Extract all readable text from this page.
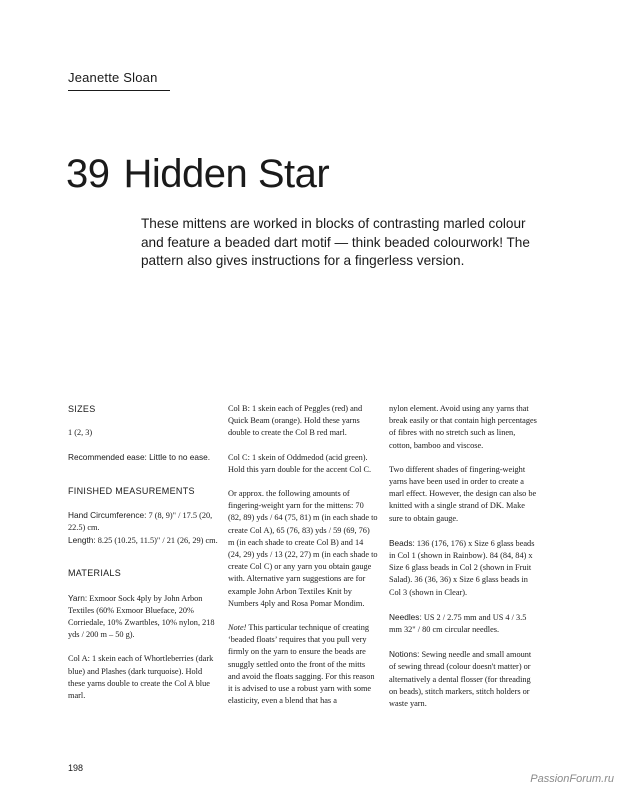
Jeanette Sloan
39 Hidden Star

These mittens are worked in blocks of contrasting marled colour and feature a beaded dart motif — think beaded colourwork! The pattern also gives instructions for a fingerless version.

SIZES

1 (2, 3)

Recommended ease: Little to no ease.

FINISHED MEASUREMENTS

Hand Circumference: 7 (8, 9)" / 17.5 (20, 22.5) cm.

Length: 8.25 (10.25, 11.5)" / 21 (26, 29) cm.

MATERIALS

Yarn: Exmoor Sock 4ply by John Arbon Textiles (60% Exmoor Blueface, 20% Corriedale, 10% Zwartbles, 10% nylon, 218 yds / 200 m – 50 g).

Col A: 1 skein each of Whortleberries (dark blue) and Plashes (dark turquoise). Hold these yarns double to create the Col A blue marl.

Col B: 1 skein each of Peggles (red) and Quick Beam (orange). Hold these yarns double to create the Col B red marl.

Col C: 1 skein of Oddmedod (acid green). Hold this yarn double for the accent Col C.

Or approx. the following amounts of fingering-weight yarn for the mittens: 70 (82, 89) yds / 64 (75, 81) m (in each shade to create Col A), 65 (76, 83) yds / 59 (69, 76) m (in each shade to create Col B) and 14 (24, 29) yds / 13 (22, 27) m (in each shade to create Col C) or any yarn you obtain gauge with. Alternative yarn suggestions are for example John Arbon Textiles Knit by Numbers 4ply and Rosa Pomar Mondim.

Note! This particular technique of creating ‘beaded floats’ requires that you pull very firmly on the yarn to ensure the beads are snuggly settled onto the front of the mitts and avoid the floats sagging. For this reason it is advised to use a robust yarn with some elasticity, even a blend that has a

nylon element. Avoid using any yarns that break easily or that contain high percentages of fibres with no stretch such as linen, cotton, bamboo and viscose.

Two different shades of fingering-weight yarns have been used in order to create a marl effect. However, the design can also be knitted with a single strand of DK. Make sure to obtain gauge.

Beads: 136 (176, 176) x Size 6 glass beads in Col 1 (shown in Rainbow). 84 (84, 84) x Size 6 glass beads in Col 2 (shown in Fruit Salad). 36 (36, 36) x Size 6 glass beads in Col 3 (shown in Clear).

Needles: US 2 / 2.75 mm and US 4 / 3.5 mm 32" / 80 cm circular needles.

Notions: Sewing needle and small amount of sewing thread (colour doesn't matter) or alternatively a dental flosser (for threading on beads), stitch markers, stitch holders or waste yarn.

198
PassionForum.ru
